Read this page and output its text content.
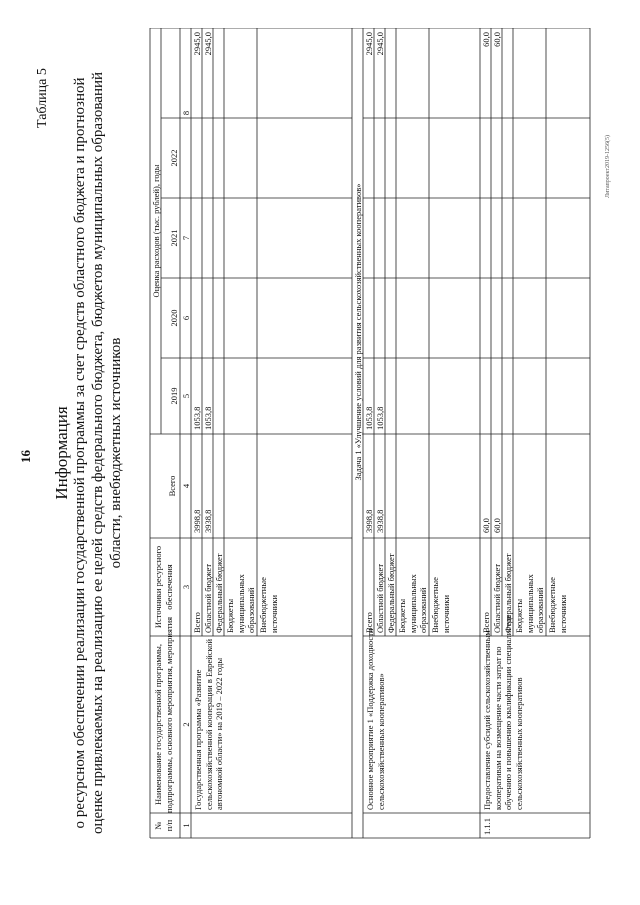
16
Таблица 5
Информация о ресурсном обеспечении реализации государственной программы за счет средств областного бюджета и прогнозной оценке привлекаемых на реализацию ее целей средств федерального бюджета, бюджетов муниципальных образований области, внебюджетных источников
№ п/п
Наименование государственной программы, подпрограммы, основного мероприятия, мероприятия
Источники ресурсного обеспечения
Оценка расходов (тыс. рублей), годы
Всего
2019
2020
2021
2022
1
2
3
4
5
6
7
8
Государственная программа «Развитие сельскохозяйственной кооперации в Еврейской автономной области» на 2019 – 2022 годы
Всего Областной бюджет Федеральный бюджет Бюджеты муниципальных образований Внебюджетные источники
3998,8 3938,8
1053,8 1053,8
2945,0 2945,0
Задача 1 «Улучшение условий для развития сельскохозяйственных кооперативов»
Основное мероприятие 1 «Поддержка доходности сельскохозяйственных кооперативов»
Всего Областной бюджет Федеральный бюджет Бюджеты муниципальных образований Внебюджетные источники
3998,8 3938,8
1053,8 1053,8
2945,0 2945,0
1.1.1
Предоставление субсидий сельскохозяйственным кооперативам на возмещение части затрат по обучению и повышению квалификации специалистов сельскохозяйственных кооперативов
Всего Областной бюджет Федеральный бюджет Бюджеты муниципальных образований Внебюджетные источники
60,0 60,0
60,0 60,0
Литапроект2019-1256(5)
